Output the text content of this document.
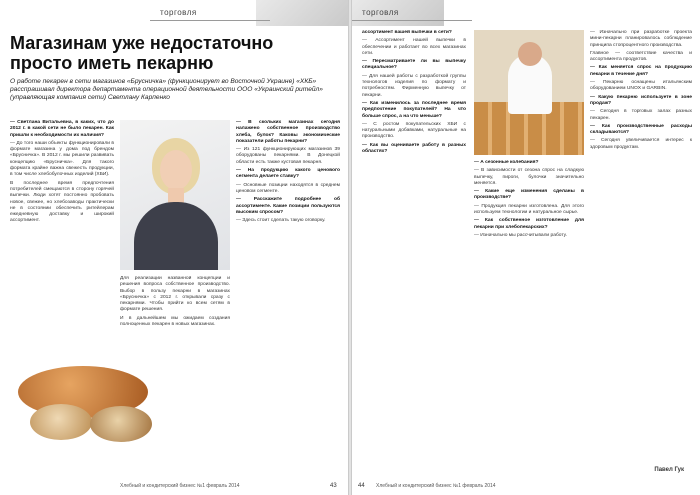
торговля
Магазинам уже недостаточно просто иметь пекарню

О работе пекарен в сети магазинов «Брусничка» (функционирует во Восточной Украине) «ХКБ» расспрашивал директора департамента операционной деятельности ООО «Украинский ритейл» (управляющая компания сети) Светлану Карпенко

— Светлана Витальевна, в каких, что до 2012 г. в какой сети не было пекарен. Как пришли к необходимости их наличия?

— До того наши объекты функционировали в формате магазина у дома под брендом «Брусничка». В 2012 г. мы решили развивать концепцию «Брусничка». Для такого формата крайне важна свежесть продукции, в том числе хлебобулочных изделий (ХБИ).

В последнее время предпочтения потребителей смещаются в сторону горячей выпечки. Люди хотят постоянно пробовать новое, свежее, но хлебозаводы практически не в состоянии обеспечить ритейлерам ежедневную доставку и широкий ассортимент.

— В скольких магазинах сегодня налажено собственное производство хлеба, булок? Каковы экономические показатели работы пекарни?

— Из 121 функционирующих магазинов 39 оборудованы пекарнями. В Донецкой области есть также кустовая пекарня.

— На продукцию какого ценового сегмента делаете ставку?

— Основные позиции находятся в среднем ценовом сегменте.

— Расскажите подробнее об ассортименте. Какие позиции пользуются высоким спросом?

— Здесь стоит сделать такую оговорку.

Для реализации названной концепции и решения вопроса собственное производство. Выбор в пользу пекарни в магазинах «Брусничка» с 2012 г. открывали сразу с пекарнями. Чтобы прийти ко всем сетям в формате решения.

И в дальнейшем мы ожидаем создания полноценных пекарен в новых магазинах.

Хлебный и кондитерский бизнес №1 февраль 2014	43
торговля

ассортимент вашей выпечки в сети?

— Ассортимент нашей выпечки в обеспечении и работает во всех магазинах сети.

— Пересматриваете ли вы выпечку специальное?

— Для нашей работы с разработкой группы технологов изделия по формату и потребностям. Фирменную выпечку от пекарни.

— Как изменилось за последнее время предпочтение покупателей? На что больше спрос, а на что меньше?

— С ростом покупательских ХБИ с натуральными добавками, натуральные на производство.

— Как вы оцениваете работу в разных областях?

— А сезонные колебания?

— В зависимости от сезона спрос на сладкую выпечку, пироги, булочки значительно меняется.

— Какие еще изменения сделаны в производстве?

— Продукция пекарни изготовлена. Для этого используем технологии и натуральное сырье.

— Как собственное изготовление для пекарни при хлебопекарских?

— Изначально мы рассчитывали работу.

— Изначально при разработке проекта мини-пекарни планировалось соблюдение принципа стопроцентного производства.

Главное — соответствие качества и ассортимента продуктов.

— Как меняется спрос на продукцию пекарни в течение дня?

— Пекарню оснащены итальянским оборудованием UNOX и GARBIN.

— Какую пекарню используете в зоне продаж?

— Сегодня в торговых залах разных пекарен.

— Как производственные расходы складываются?

— Сегодня увеличивается интерес к здоровым продуктам.

Павел Гук
44 Хлебный и кондитерский бизнес №1 февраль 2014
